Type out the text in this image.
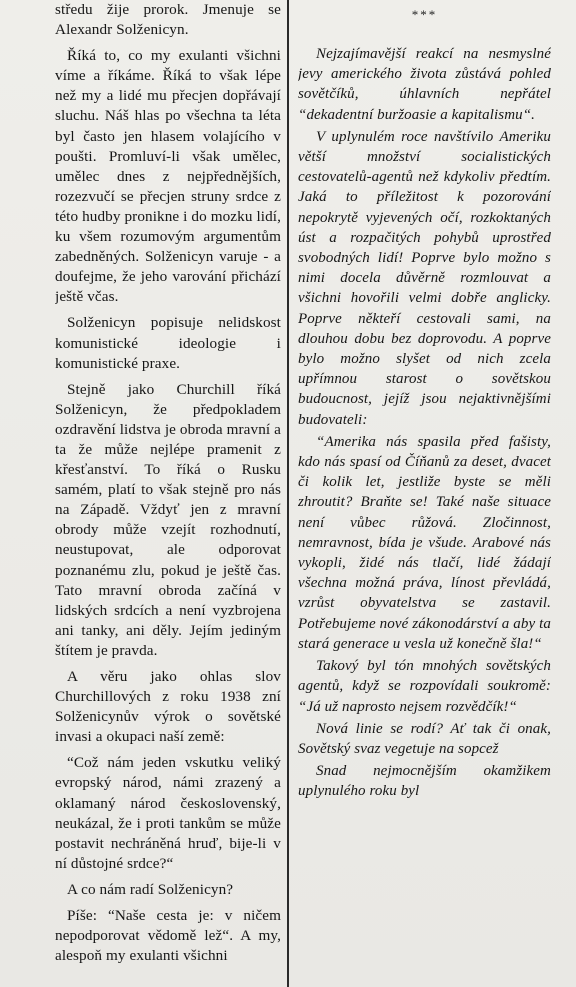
středu žije prorok. Jmenuje se Alexandr Solženicyn.

Říká to, co my exulanti všichni víme a říkáme. Říká to však lépe než my a lidé mu přecjen dopřávají sluchu. Náš hlas po všechna ta léta byl často jen hlasem volajícího v poušti. Promluví-li však umělec, umělec dnes z nejpřednějších, rozezvučí se přecjen struny srdce z této hudby pronikne i do mozku lidí, ku všem rozumovým argumentům zabedněných. Solženicyn varuje - a doufejme, že jeho varování přichází ještě včas.

Solženicyn popisuje nelidskost komunistické ideologie i komunistické praxe.

Stejně jako Churchill říká Solženicyn, že předpokladem ozdravění lidstva je obroda mravní a ta že může nejlépe pramenit z křesťanství. To říká o Rusku samém, platí to však stejně pro nás na Západě. Vždyť jen z mravní obrody může vzejít rozhodnutí, neustupovat, ale odporovat poznanému zlu, pokud je ještě čas. Tato mravní obroda začíná v lidských srdcích a není vyzbrojena ani tanky, ani děly. Jejím jediným štítem je pravda.

A věru jako ohlas slov Churchillových z roku 1938 zní Solženicynův výrok o sovětské invasi a okupaci naší země:

“Což nám jeden vskutku veliký evropský národ, námi zrazený a oklamaný národ československý, neukázal, že i proti tankům se může postavit nechráněná hruď, bije-li v ní důstojné srdce?“

A co nám radí Solženicyn?

Píše: “Naše cesta je: v ničem nepodporovat vědomě lež“. A my, alespoň my exulanti všichni

***

Nejzajímavější reakcí na nesmyslné jevy amerického života zůstává pohled sovětčíků, úhlavních nepřátel “dekadentní buržoasie a kapitalismu“.

V uplynulém roce navštívilo Ameriku větší množství socialistických cestovatelů-agentů než kdykoliv předtím. Jaká to příležitost k pozorování nepokrytě vyjevených očí, rozkoktaných úst a rozpačitých pohybů uprostřed svobodných lidí! Poprve bylo možno s nimi docela důvěrně rozmlouvat a všichni hovořili velmi dobře anglicky. Poprve někteří cestovali sami, na dlouhou dobu bez doprovodu. A poprve bylo možno slyšet od nich zcela upřímnou starost o sovětskou budoucnost, jejíž jsou nejaktivnějšími budovateli:

“Amerika nás spasila před fašisty, kdo nás spasí od Číňanů za deset, dvacet či kolik let, jestliže byste se měli zhroutit? Braňte se! Také naše situace není vůbec růžová. Zločinnost, nemravnost, bída je všude. Arabové nás vykopli, židé nás tlačí, lidé žádají všechna možná práva, línost převládá, vzrůst obyvatelstva se zastavil. Potřebujeme nové zákonodárství a aby ta stará generace u vesla už konečně šla!“

Takový byl tón mnohých sovětských agentů, když se rozpovídali soukromě: “Já už naprosto nejsem rozvědčík!“

Nová linie se rodí? Ať tak či onak, Sovětský svaz vegetuje na sopcež

Snad nejmocnějším okamžikem uplynulého roku byl
